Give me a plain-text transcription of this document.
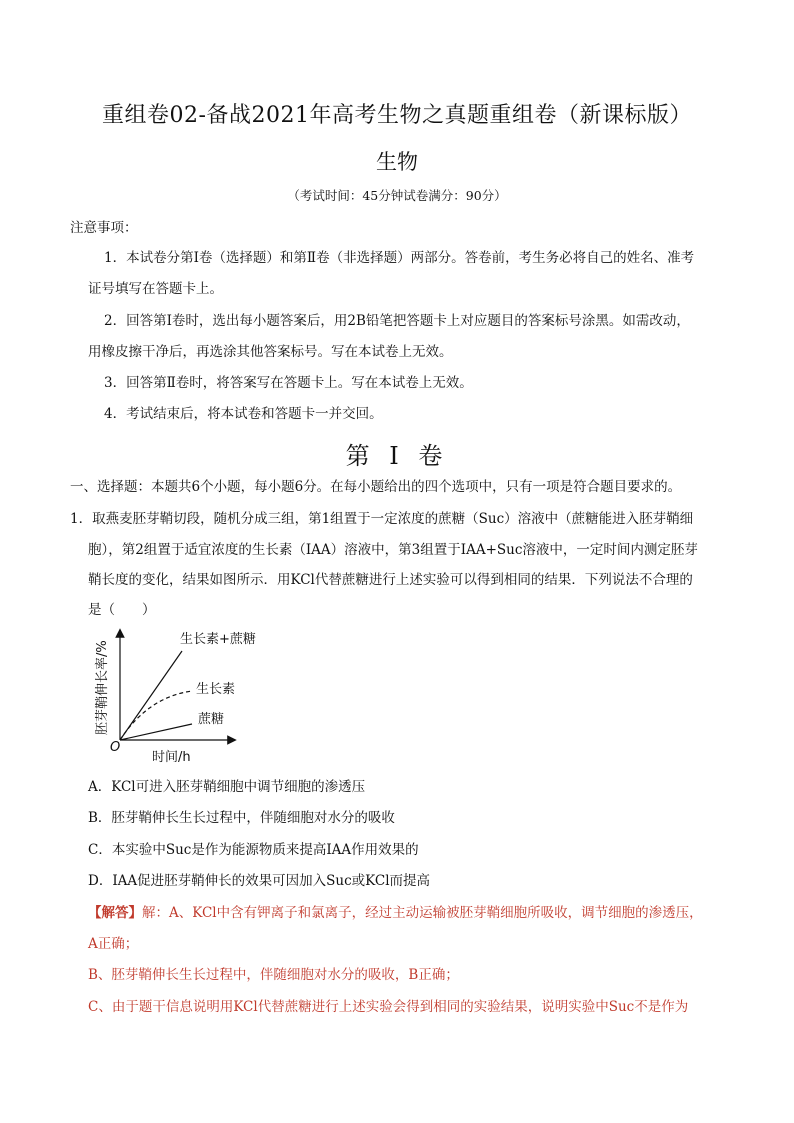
重组卷02-备战2021年高考生物之真题重组卷（新课标版）
生物
（考试时间：45分钟试卷满分：90分）
注意事项：
1．本试卷分第Ⅰ卷（选择题）和第Ⅱ卷（非选择题）两部分。答卷前，考生务必将自己的姓名、准考
证号填写在答题卡上。
2．回答第Ⅰ卷时，选出每小题答案后，用2B铅笔把答题卡上对应题目的答案标号涂黑。如需改动，
用橡皮擦干净后，再选涂其他答案标号。写在本试卷上无效。
3．回答第Ⅱ卷时，将答案写在答题卡上。写在本试卷上无效。
4．考试结束后，将本试卷和答题卡一并交回。
第 I 卷
一、选择题：本题共6个小题，每小题6分。在每小题给出的四个选项中，只有一项是符合题目要求的。
1．取燕麦胚芽鞘切段，随机分成三组，第1组置于一定浓度的蔗糖（Suc）溶液中（蔗糖能进入胚芽鞘细
胞），第2组置于适宜浓度的生长素（IAA）溶液中，第3组置于IAA+Suc溶液中，一定时间内测定胚芽
鞘长度的变化，结果如图所示．用KCl代替蔗糖进行上述实验可以得到相同的结果．下列说法不合理的
是（　　）
生长素+蔗糖
生长素
蔗糖
O
时间/h
胚芽鞘伸长率/%
A．KCl可进入胚芽鞘细胞中调节细胞的渗透压
B．胚芽鞘伸长生长过程中，伴随细胞对水分的吸收
C．本实验中Suc是作为能源物质来提高IAA作用效果的
D．IAA促进胚芽鞘伸长的效果可因加入Suc或KCl而提高
【解答】解：A、KCl中含有钾离子和氯离子，经过主动运输被胚芽鞘细胞所吸收，调节细胞的渗透压，
A正确；
B、胚芽鞘伸长生长过程中，伴随细胞对水分的吸收，B正确；
C、由于题干信息说明用KCl代替蔗糖进行上述实验会得到相同的实验结果，说明实验中Suc不是作为
